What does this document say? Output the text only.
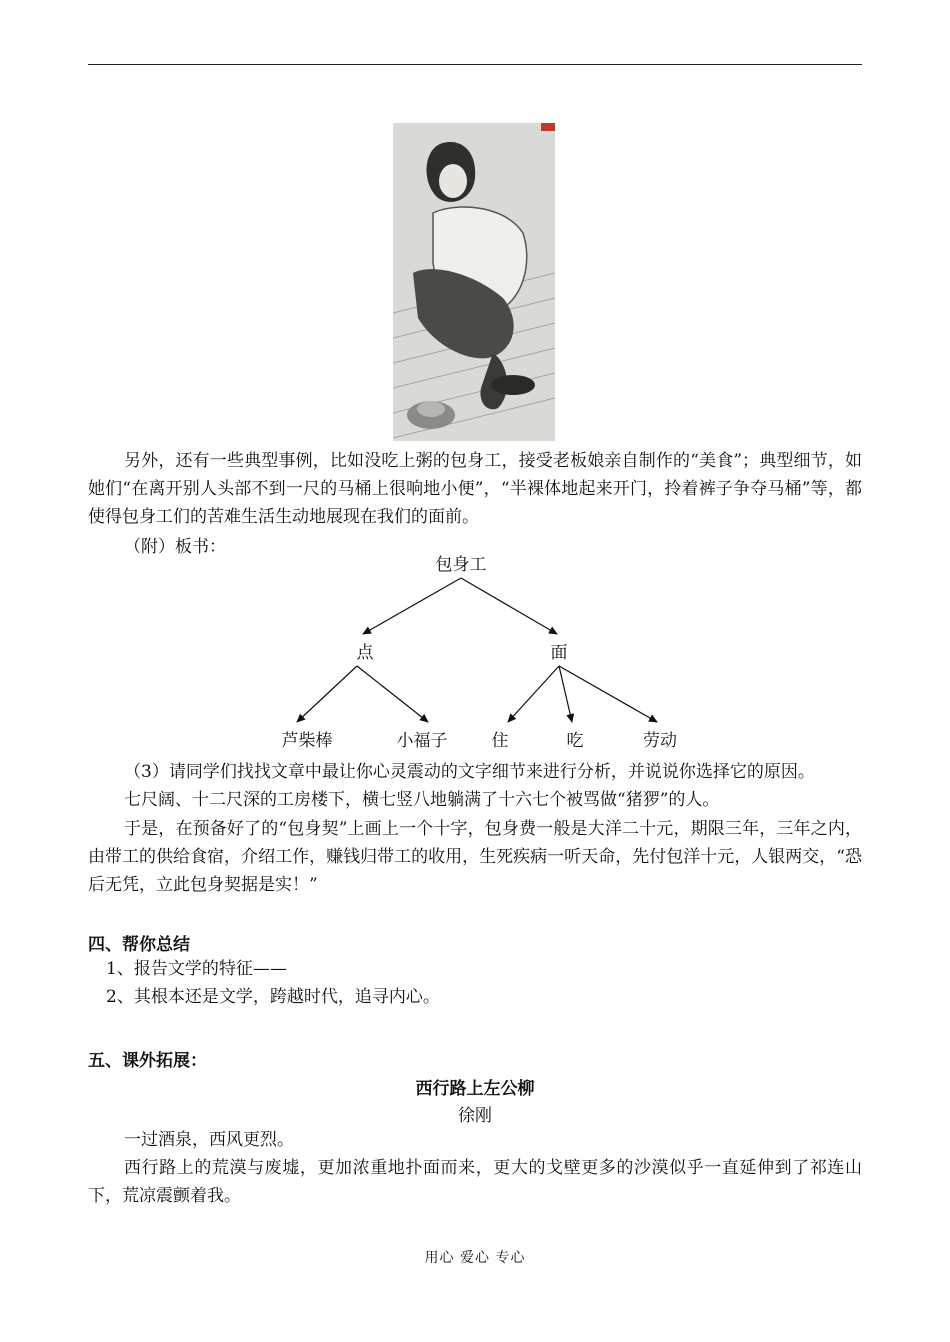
另外，还有一些典型事例，比如没吃上粥的包身工，接受老板娘亲自制作的“美食”；典型细节，如她们“在离开别人头部不到一尺的马桶上很响地小便”，“半裸体地起来开门，拎着裤子争夺马桶”等，都使得包身工们的苦难生活生动地展现在我们的面前。

（附）板书：

包身工
点	面
芦柴棒	小福子	住	吃	劳动

（3）请同学们找找文章中最让你心灵震动的文字细节来进行分析，并说说你选择它的原因。

七尺阔、十二尺深的工房楼下，横七竖八地躺满了十六七个被骂做“猪猡”的人。

于是，在预备好了的“包身契”上画上一个十字，包身费一般是大洋二十元，期限三年，三年之内，由带工的供给食宿，介绍工作，赚钱归带工的收用，生死疾病一听天命，先付包洋十元，人银两交，“恐后无凭，立此包身契据是实！”

四、帮你总结
1、报告文学的特征——
2、其根本还是文学，跨越时代，追寻内心。
五、课外拓展：
西行路上左公柳
徐刚

一过酒泉，西风更烈。

西行路上的荒漠与废墟，更加浓重地扑面而来，更大的戈壁更多的沙漠似乎一直延伸到了祁连山下，荒凉震颤着我。

用心 爱心 专心
